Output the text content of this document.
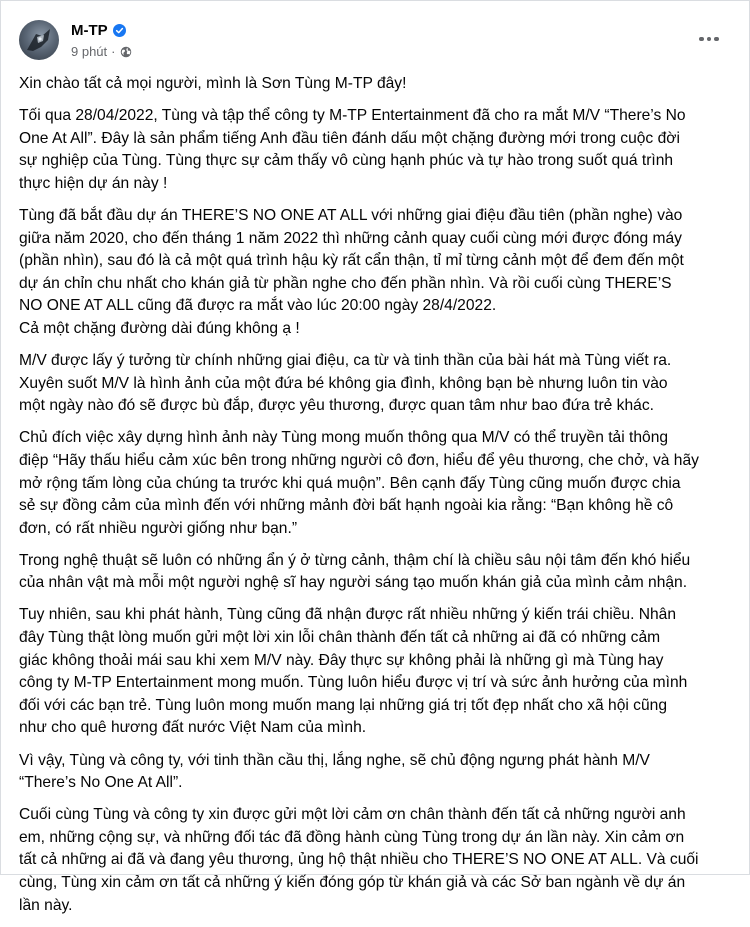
M-TP
9 phút ·

Xin chào tất cả mọi người, mình là Sơn Tùng M-TP đây!

Tối qua 28/04/2022, Tùng và tập thể công ty M-TP Entertainment đã cho ra mắt M/V “There’s No
One At All”. Đây là sản phẩm tiếng Anh đầu tiên đánh dấu một chặng đường mới trong cuộc đời
sự nghiệp của Tùng. Tùng thực sự cảm thấy vô cùng hạnh phúc và tự hào trong suốt quá trình
thực hiện dự án này !

Tùng đã bắt đầu dự án THERE’S NO ONE AT ALL với những giai điệu đầu tiên (phần nghe) vào
giữa năm 2020, cho đến tháng 1 năm 2022 thì những cảnh quay cuối cùng mới được đóng máy
(phần nhìn), sau đó là cả một quá trình hậu kỳ rất cẩn thận, tỉ mỉ từng cảnh một để đem đến một
dự án chỉn chu nhất cho khán giả từ phần nghe cho đến phần nhìn. Và rồi cuối cùng THERE’S
NO ONE AT ALL cũng đã được ra mắt vào lúc 20:00 ngày 28/4/2022.
Cả một chặng đường dài đúng không ạ !

M/V được lấy ý tưởng từ chính những giai điệu, ca từ và tinh thần của bài hát mà Tùng viết ra.
Xuyên suốt M/V là hình ảnh của một đứa bé không gia đình, không bạn bè nhưng luôn tin vào
một ngày nào đó sẽ được bù đắp, được yêu thương, được quan tâm như bao đứa trẻ khác.

Chủ đích việc xây dựng hình ảnh này Tùng mong muốn thông qua M/V có thể truyền tải thông
điệp “Hãy thấu hiểu cảm xúc bên trong những người cô đơn, hiểu để yêu thương, che chở, và hãy
mở rộng tấm lòng của chúng ta trước khi quá muộn”. Bên cạnh đấy Tùng cũng muốn được chia
sẻ sự đồng cảm của mình đến với những mảnh đời bất hạnh ngoài kia rằng: “Bạn không hề cô
đơn, có rất nhiều người giống như bạn.”

Trong nghệ thuật sẽ luôn có những ẩn ý ở từng cảnh, thậm chí là chiều sâu nội tâm đến khó hiểu
của nhân vật mà mỗi một người nghệ sĩ hay người sáng tạo muốn khán giả của mình cảm nhận.

Tuy nhiên, sau khi phát hành, Tùng cũng đã nhận được rất nhiều những ý kiến trái chiều. Nhân
đây Tùng thật lòng muốn gửi một lời xin lỗi chân thành đến tất cả những ai đã có những cảm
giác không thoải mái sau khi xem M/V này. Đây thực sự không phải là những gì mà Tùng hay
công ty M-TP Entertainment mong muốn. Tùng luôn hiểu được vị trí và sức ảnh hưởng của mình
đối với các bạn trẻ. Tùng luôn mong muốn mang lại những giá trị tốt đẹp nhất cho xã hội cũng
như cho quê hương đất nước Việt Nam của mình.

Vì vậy, Tùng và công ty, với tinh thần cầu thị, lắng nghe, sẽ chủ động ngưng phát hành M/V
“There’s No One At All”.

Cuối cùng Tùng và công ty xin được gửi một lời cảm ơn chân thành đến tất cả những người anh
em, những cộng sự, và những đối tác đã đồng hành cùng Tùng trong dự án lần này. Xin cảm ơn
tất cả những ai đã và đang yêu thương, ủng hộ thật nhiều cho THERE’S NO ONE AT ALL. Và cuối
cùng, Tùng xin cảm ơn tất cả những ý kiến đóng góp từ khán giả và các Sở ban ngành về dự án
lần này.
